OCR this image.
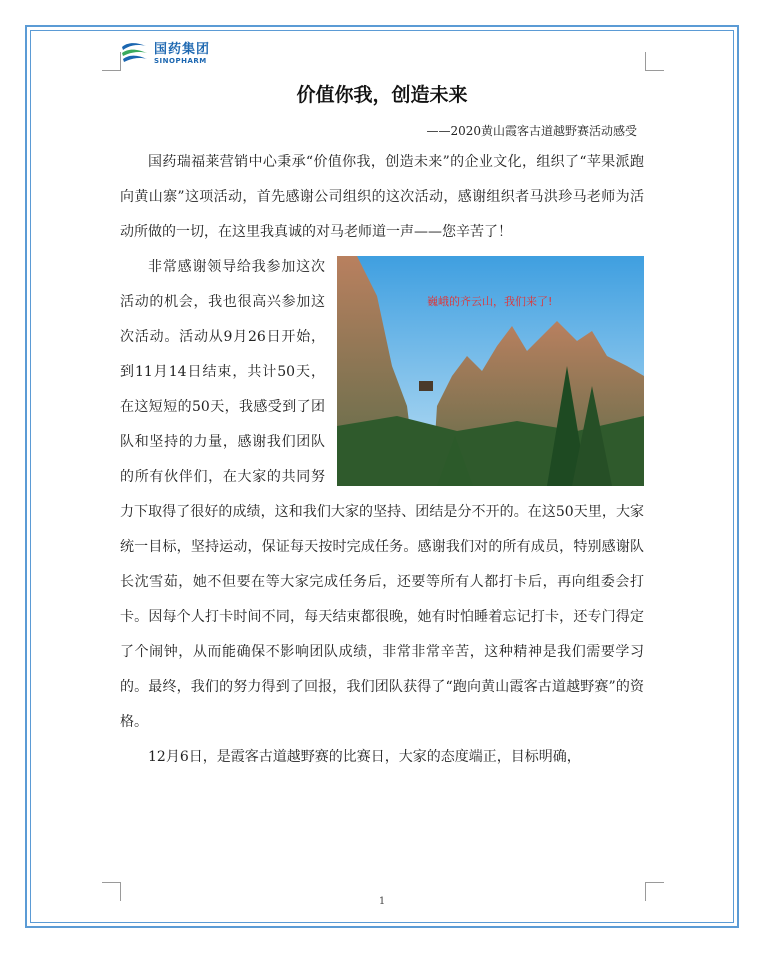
国药集团
SINOPHARM
价值你我，创造未来
——2020黄山霞客古道越野赛活动感受

国药瑞福莱营销中心秉承“价值你我，创造未来”的企业文化，组织了“苹果派跑向黄山寨”这项活动，首先感谢公司组织的这次活动，感谢组织者马洪珍马老师为活动所做的一切，在这里我真诚的对马老师道一声——您辛苦了！

巍峨的齐云山，我们来了!

非常感谢领导给我参加这次活动的机会，我也很高兴参加这次活动。活动从9月26日开始，到11月14日结束，共计50天，在这短短的50天，我感受到了团队和坚持的力量，感谢我们团队的所有伙伴们，在大家的共同努力下取得了很好的成绩，这和我们大家的坚持、团结是分不开的。在这50天里，大家统一目标，坚持运动，保证每天按时完成任务。感谢我们对的所有成员，特别感谢队长沈雪茹，她不但要在等大家完成任务后，还要等所有人都打卡后，再向组委会打卡。因每个人打卡时间不同，每天结束都很晚，她有时怕睡着忘记打卡，还专门得定了个闹钟，从而能确保不影响团队成绩，非常非常辛苦，这种精神是我们需要学习的。最终，我们的努力得到了回报，我们团队获得了“跑向黄山霞客古道越野赛”的资格。

12月6日，是霞客古道越野赛的比赛日，大家的态度端正，目标明确，

1
